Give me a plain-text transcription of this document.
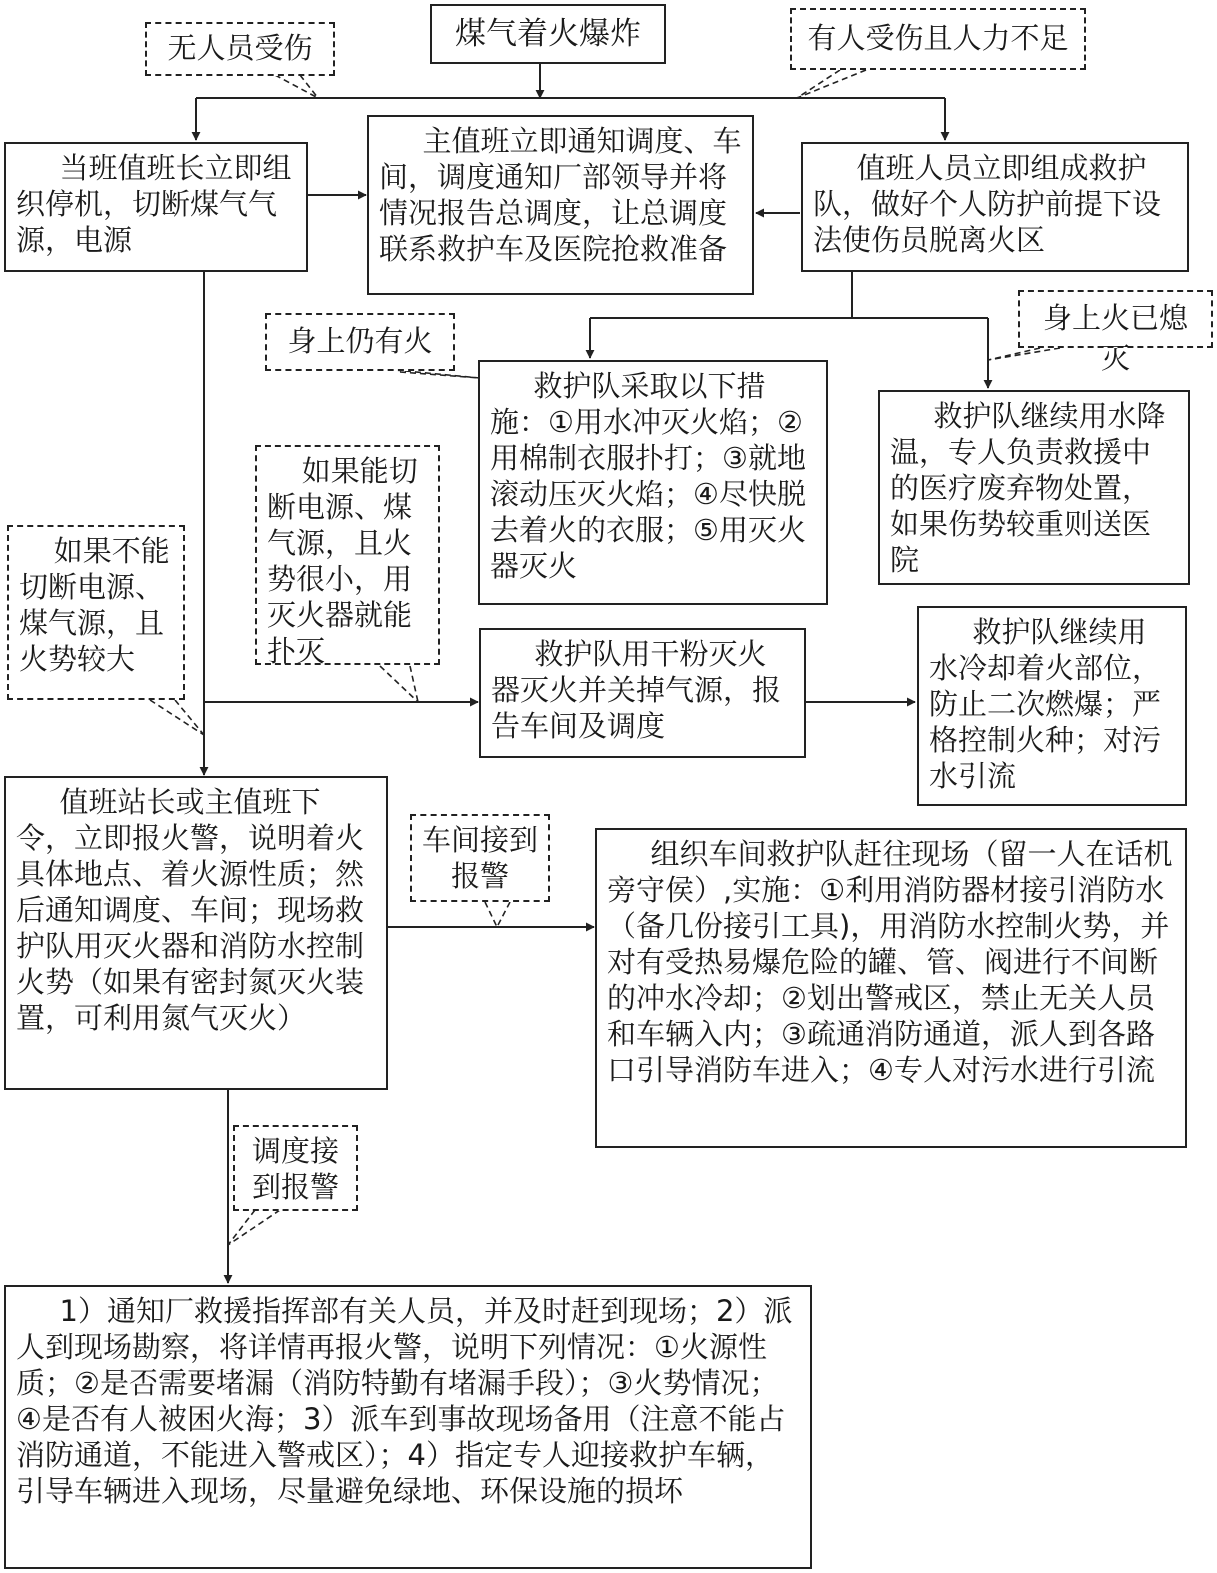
煤气着火爆炸
无人员受伤	有人受伤且人力不足
身上仍有火
身上火已熄灭
如果能切断电源、煤气源，且火势很小，用灭火器就能扑灭
如果不能切断电源、煤气源，且火势较大
车间接到报警
调度接到报警
当班值班长立即组织停机，切断煤气气源，电源
主值班立即通知调度、车间，调度通知厂部领导并将情况报告总调度，让总调度联系救护车及医院抢救准备
值班人员立即组成救护队，做好个人防护前提下设法使伤员脱离火区
救护队采取以下措施：①用水冲灭火焰；②用棉制衣服扑打；③就地滚动压灭火焰；④尽快脱去着火的衣服；⑤用灭火器灭火
救护队继续用水降温，专人负责救援中的医疗废弃物处置，如果伤势较重则送医院
救护队用干粉灭火器灭火并关掉气源，报告车间及调度
救护队继续用水冷却着火部位，防止二次燃爆；严格控制火种；对污水引流
值班站长或主值班下令，立即报火警，说明着火具体地点、着火源性质；然后通知调度、车间；现场救护队用灭火器和消防水控制火势（如果有密封氮灭火装置，可利用氮气灭火）
组织车间救护队赶往现场（留一人在话机旁守侯）,实施：①利用消防器材接引消防水（备几份接引工具)，用消防水控制火势，并对有受热易爆危险的罐、管、阀进行不间断的冲水冷却；②划出警戒区，禁止无关人员和车辆入内；③疏通消防通道，派人到各路口引导消防车进入；④专人对污水进行引流
1）通知厂救援指挥部有关人员，并及时赶到现场；2）派人到现场勘察，将详情再报火警，说明下列情况：①火源性质；②是否需要堵漏（消防特勤有堵漏手段）；③火势情况；④是否有人被困火海；3）派车到事故现场备用（注意不能占消防通道，不能进入警戒区）；4）指定专人迎接救护车辆，引导车辆进入现场，尽量避免绿地、环保设施的损坏
